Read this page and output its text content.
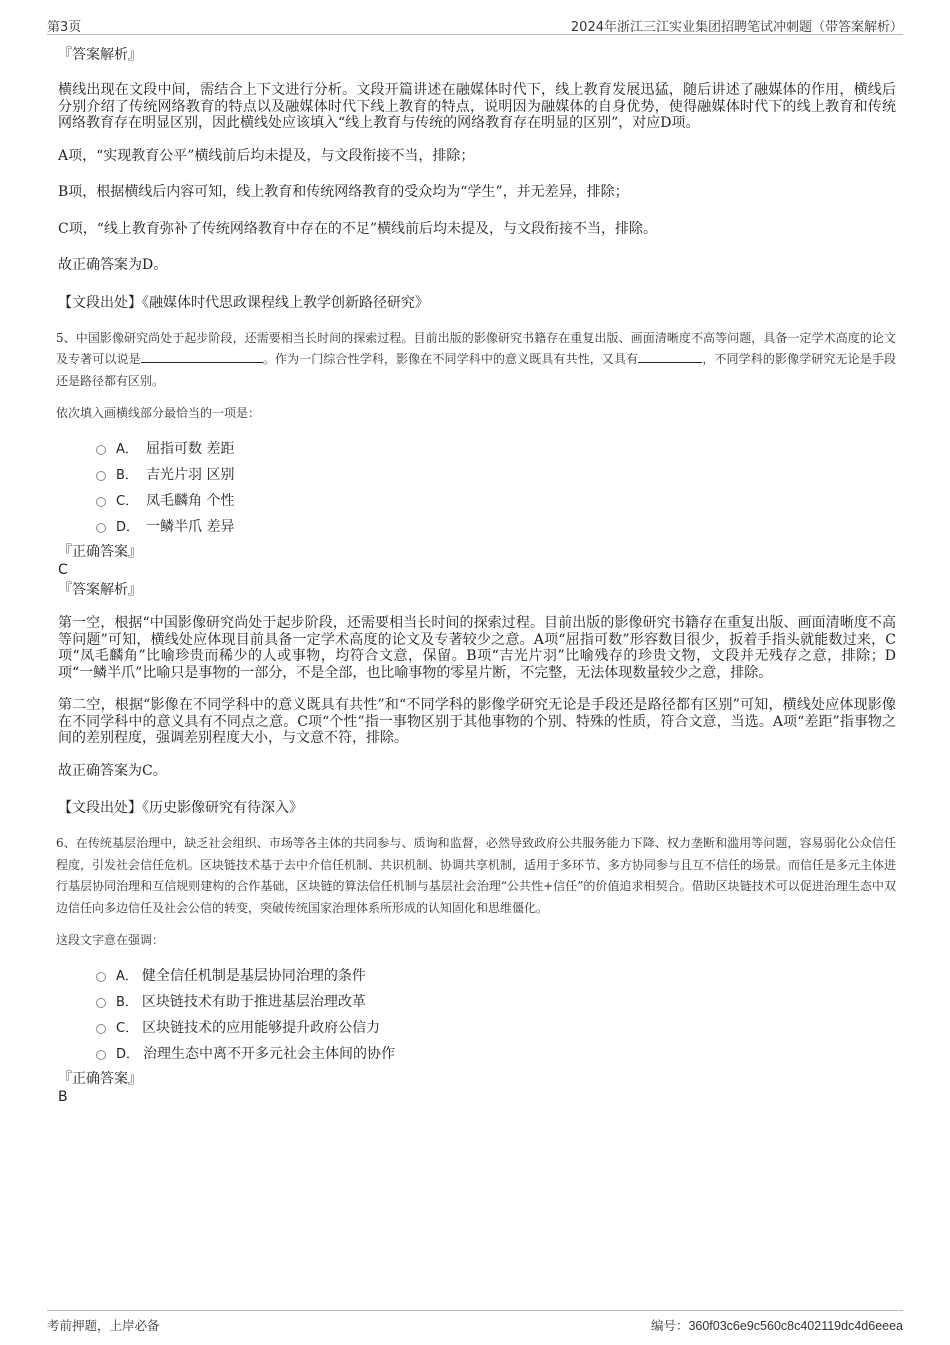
第3页	2024年浙江三江实业集团招聘笔试冲刺题（带答案解析）
『答案解析』
横线出现在文段中间，需结合上下文进行分析。文段开篇讲述在融媒体时代下，线上教育发展迅猛，随后讲述了融媒体的作用，横线后分别介绍了传统网络教育的特点以及融媒体时代下线上教育的特点，说明因为融媒体的自身优势，使得融媒体时代下的线上教育和传统网络教育存在明显区别，因此横线处应该填入“线上教育与传统的网络教育存在明显的区别”，对应D项。
A项，“实现教育公平”横线前后均未提及，与文段衔接不当，排除；
B项，根据横线后内容可知，线上教育和传统网络教育的受众均为“学生”，并无差异，排除；
C项，“线上教育弥补了传统网络教育中存在的不足”横线前后均未提及，与文段衔接不当，排除。
故正确答案为D。
【文段出处】《融媒体时代思政课程线上教学创新路径研究》
5、中国影像研究尚处于起步阶段，还需要相当长时间的探索过程。目前出版的影像研究书籍存在重复出版、画面清晰度不高等问题，具备一定学术高度的论文及专著可以说是	。作为一门综合性学科，影像在不同学科中的意义既具有共性，又具有	，不同学科的影像学研究无论是手段还是路径都有区别。
依次填入画横线部分最恰当的一项是：
A． 屈指可数 差距
B． 吉光片羽 区别
C． 凤毛麟角 个性
D． 一鳞半爪 差异
『正确答案』
C
『答案解析』
第一空，根据“中国影像研究尚处于起步阶段，还需要相当长时间的探索过程。目前出版的影像研究书籍存在重复出版、画面清晰度不高等问题”可知，横线处应体现目前具备一定学术高度的论文及专著较少之意。A项“屈指可数”形容数目很少，扳着手指头就能数过来，C项“凤毛麟角”比喻珍贵而稀少的人或事物，均符合文意，保留。B项“吉光片羽”比喻残存的珍贵文物，文段并无残存之意，排除；D项“一鳞半爪”比喻只是事物的一部分，不是全部，也比喻事物的零星片断，不完整，无法体现数量较少之意，排除。
第二空，根据“影像在不同学科中的意义既具有共性”和“不同学科的影像学研究无论是手段还是路径都有区别”可知，横线处应体现影像在不同学科中的意义具有不同点之意。C项“个性”指一事物区别于其他事物的个别、特殊的性质，符合文意，当选。A项“差距”指事物之间的差别程度，强调差别程度大小，与文意不符，排除。
故正确答案为C。
【文段出处】《历史影像研究有待深入》
6、在传统基层治理中，缺乏社会组织、市场等各主体的共同参与、质询和监督，必然导致政府公共服务能力下降、权力垄断和滥用等问题，容易弱化公众信任程度，引发社会信任危机。区块链技术基于去中介信任机制、共识机制、协调共享机制，适用于多环节、多方协同参与且互不信任的场景。而信任是多元主体进行基层协同治理和互信规则建构的合作基础，区块链的算法信任机制与基层社会治理“公共性+信任”的价值追求相契合。借助区块链技术可以促进治理生态中双边信任向多边信任及社会公信的转变，突破传统国家治理体系所形成的认知固化和思维僵化。
这段文字意在强调：
A． 健全信任机制是基层协同治理的条件
B． 区块链技术有助于推进基层治理改革
C． 区块链技术的应用能够提升政府公信力
D． 治理生态中离不开多元社会主体间的协作
『正确答案』
B
考前押题，上岸必备	编号：360f03c6e9c560c8c402119dc4d6eeea
